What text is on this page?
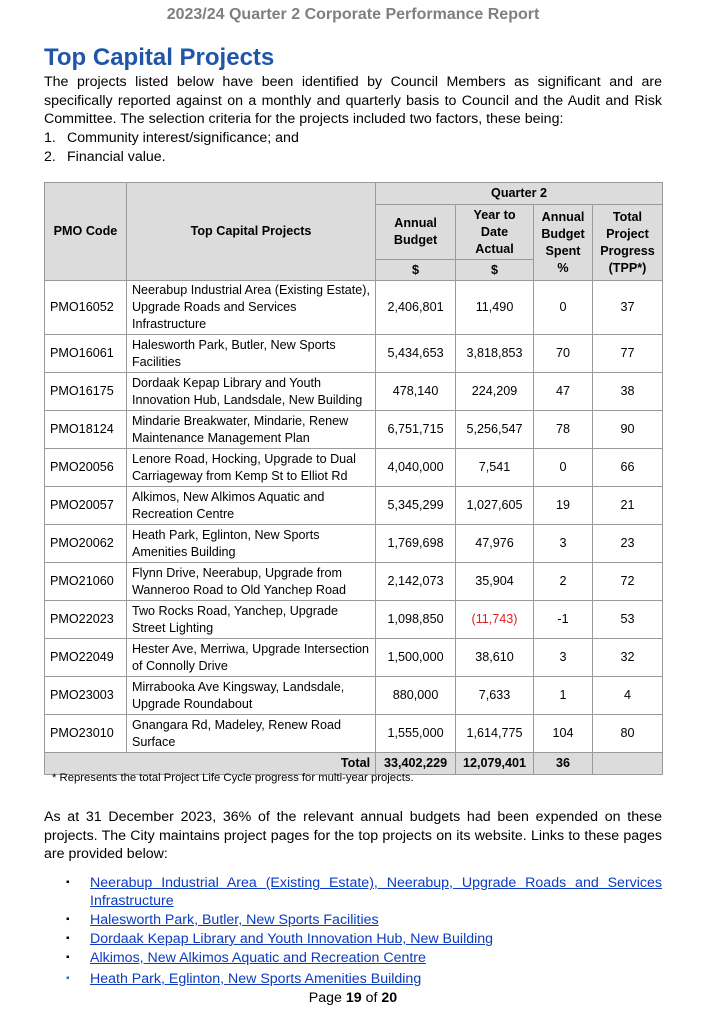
2023/24 Quarter 2 Corporate Performance Report
Top Capital Projects

The projects listed below have been identified by Council Members as significant and are specifically reported against on a monthly and quarterly basis to Council and the Audit and Risk Committee. The selection criteria for the projects included two factors, these being:

1. Community interest/significance; and
2. Financial value.
PMO Code	Top Capital Projects	Quarter 2			
		Annual Budget	Year to Date Actual	Annual Budget Spent %	Total Project Progress (TPP*)
		$	$		
PMO16052	Neerabup Industrial Area (Existing Estate), Upgrade Roads and Services Infrastructure	2,406,801	11,490	0	37
PMO16061	Halesworth Park, Butler, New Sports Facilities	5,434,653	3,818,853	70	77
PMO16175	Dordaak Kepap Library and Youth Innovation Hub, Landsdale, New Building	478,140	224,209	47	38
PMO18124	Mindarie Breakwater, Mindarie, Renew Maintenance Management Plan	6,751,715	5,256,547	78	90
PMO20056	Lenore Road, Hocking, Upgrade to Dual Carriageway from Kemp St to Elliot Rd	4,040,000	7,541	0	66
PMO20057	Alkimos, New Alkimos Aquatic and Recreation Centre	5,345,299	1,027,605	19	21
PMO20062	Heath Park, Eglinton, New Sports Amenities Building	1,769,698	47,976	3	23
PMO21060	Flynn Drive, Neerabup, Upgrade from Wanneroo Road to Old Yanchep Road	2,142,073	35,904	2	72
PMO22023	Two Rocks Road, Yanchep, Upgrade Street Lighting	1,098,850	(11,743)	-1	53
PMO22049	Hester Ave, Merriwa, Upgrade Intersection of Connolly Drive	1,500,000	38,610	3	32
PMO23003	Mirrabooka Ave Kingsway, Landsdale, Upgrade Roundabout	880,000	7,633	1	4
PMO23010	Gnangara Rd, Madeley, Renew Road Surface	1,555,000	1,614,775	104	80
Total		33,402,229	12,079,401	36	
* Represents the total Project Life Cycle progress for multi-year projects.

As at 31 December 2023, 36% of the relevant annual budgets had been expended on these projects. The City maintains project pages for the top projects on its website. Links to these pages are provided below:

▪	Neerabup Industrial Area (Existing Estate), Neerabup, Upgrade Roads and Services Infrastructure
▪	Halesworth Park, Butler, New Sports Facilities
▪	Dordaak Kepap Library and Youth Innovation Hub, New Building
▪	Alkimos, New Alkimos Aquatic and Recreation Centre
▪	Heath Park, Eglinton, New Sports Amenities Building
Page 19 of 20
